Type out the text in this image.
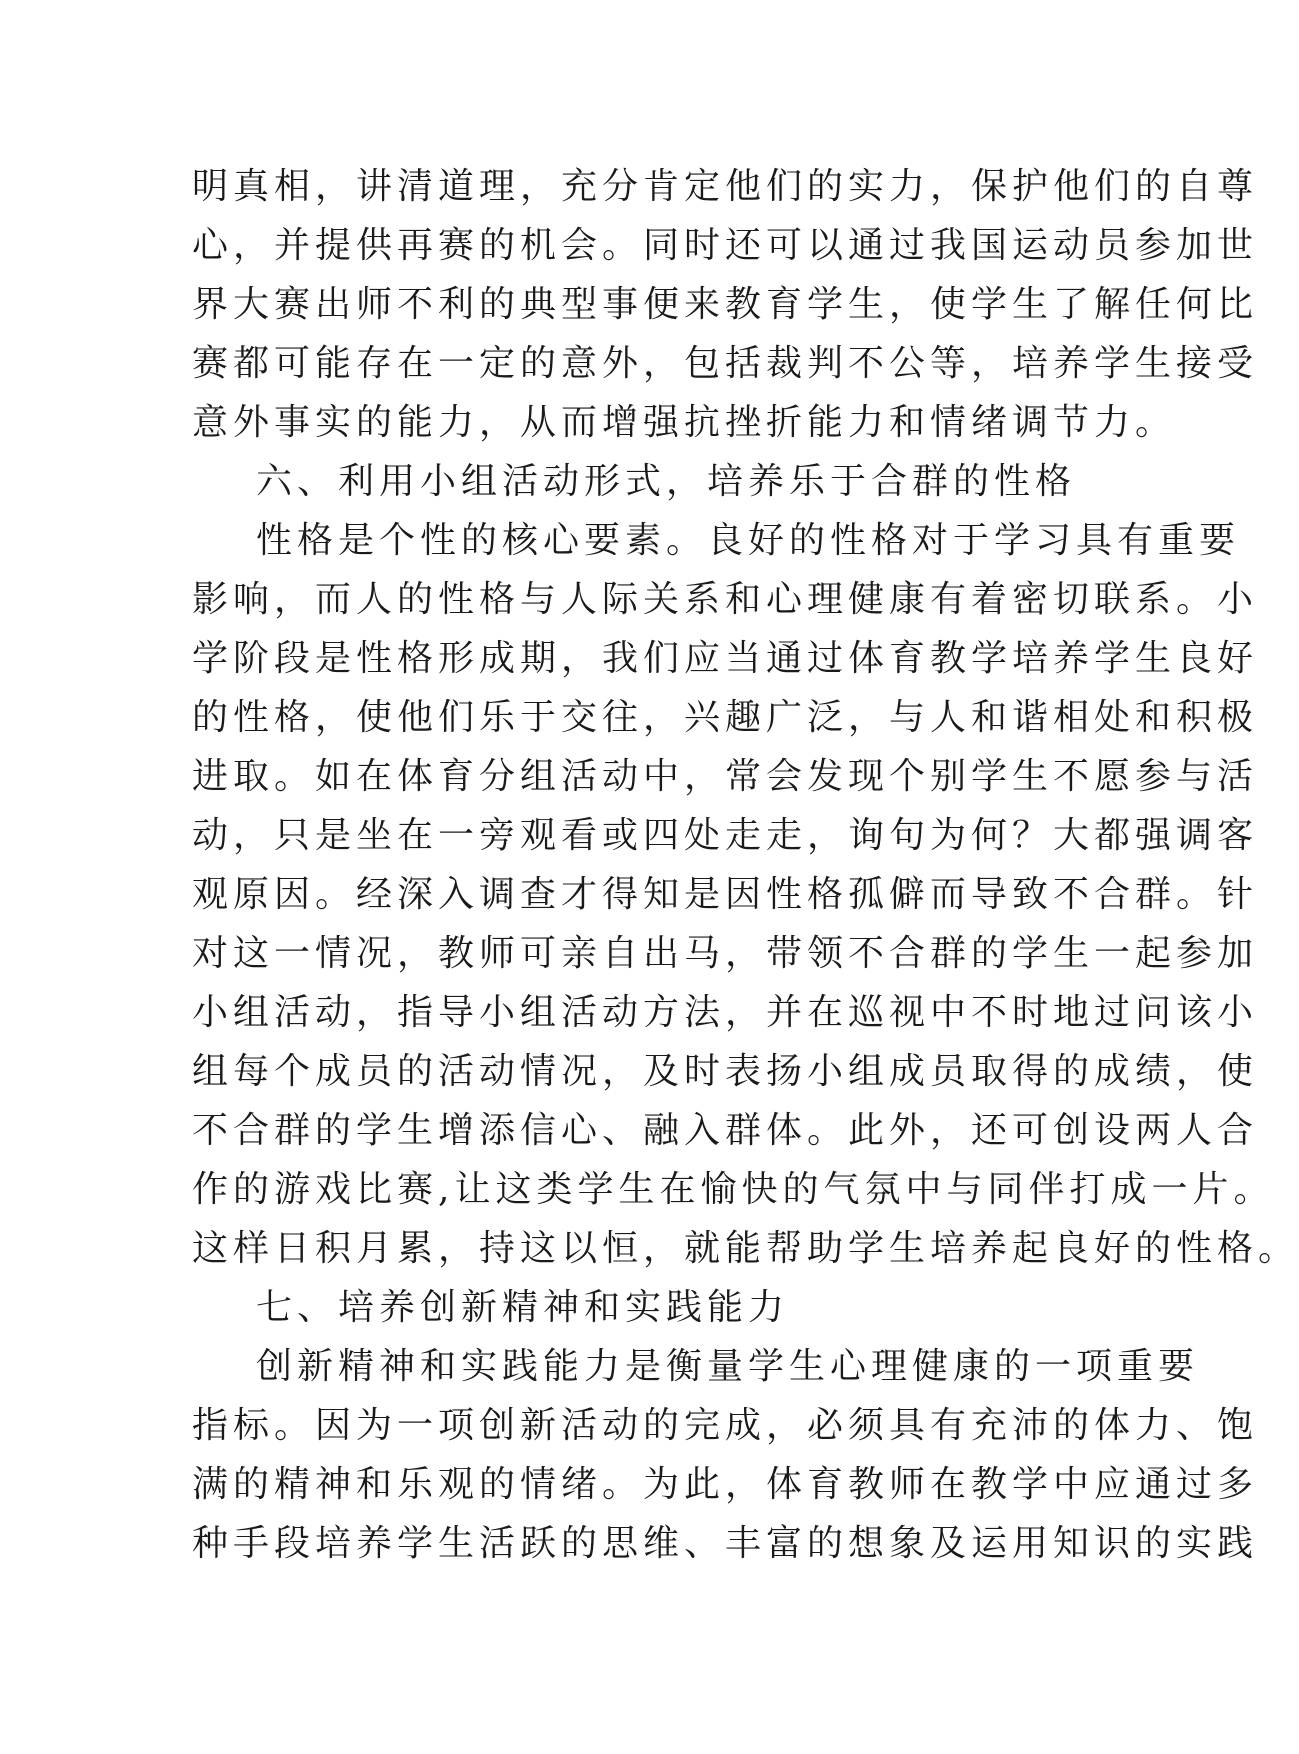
明真相，讲清道理，充分肯定他们的实力，保护他们的自尊
心，并提供再赛的机会。同时还可以通过我国运动员参加世
界大赛出师不利的典型事便来教育学生，使学生了解任何比
赛都可能存在一定的意外，包括裁判不公等，培养学生接受
意外事实的能力，从而增强抗挫折能力和情绪调节力。
六、利用小组活动形式，培养乐于合群的性格
性格是个性的核心要素。良好的性格对于学习具有重要
影响，而人的性格与人际关系和心理健康有着密切联系。小
学阶段是性格形成期，我们应当通过体育教学培养学生良好
的性格，使他们乐于交往，兴趣广泛，与人和谐相处和积极
进取。如在体育分组活动中，常会发现个别学生不愿参与活
动，只是坐在一旁观看或四处走走，询句为何？大都强调客
观原因。经深入调查才得知是因性格孤僻而导致不合群。针
对这一情况，教师可亲自出马，带领不合群的学生一起参加
小组活动，指导小组活动方法，并在巡视中不时地过问该小
组每个成员的活动情况，及时表扬小组成员取得的成绩，使
不合群的学生增添信心、融入群体。此外，还可创设两人合
作的游戏比赛,让这类学生在愉快的气氛中与同伴打成一片。
这样日积月累，持这以恒，就能帮助学生培养起良好的性格。
七、培养创新精神和实践能力
创新精神和实践能力是衡量学生心理健康的一项重要
指标。因为一项创新活动的完成，必须具有充沛的体力、饱
满的精神和乐观的情绪。为此，体育教师在教学中应通过多
种手段培养学生活跃的思维、丰富的想象及运用知识的实践
